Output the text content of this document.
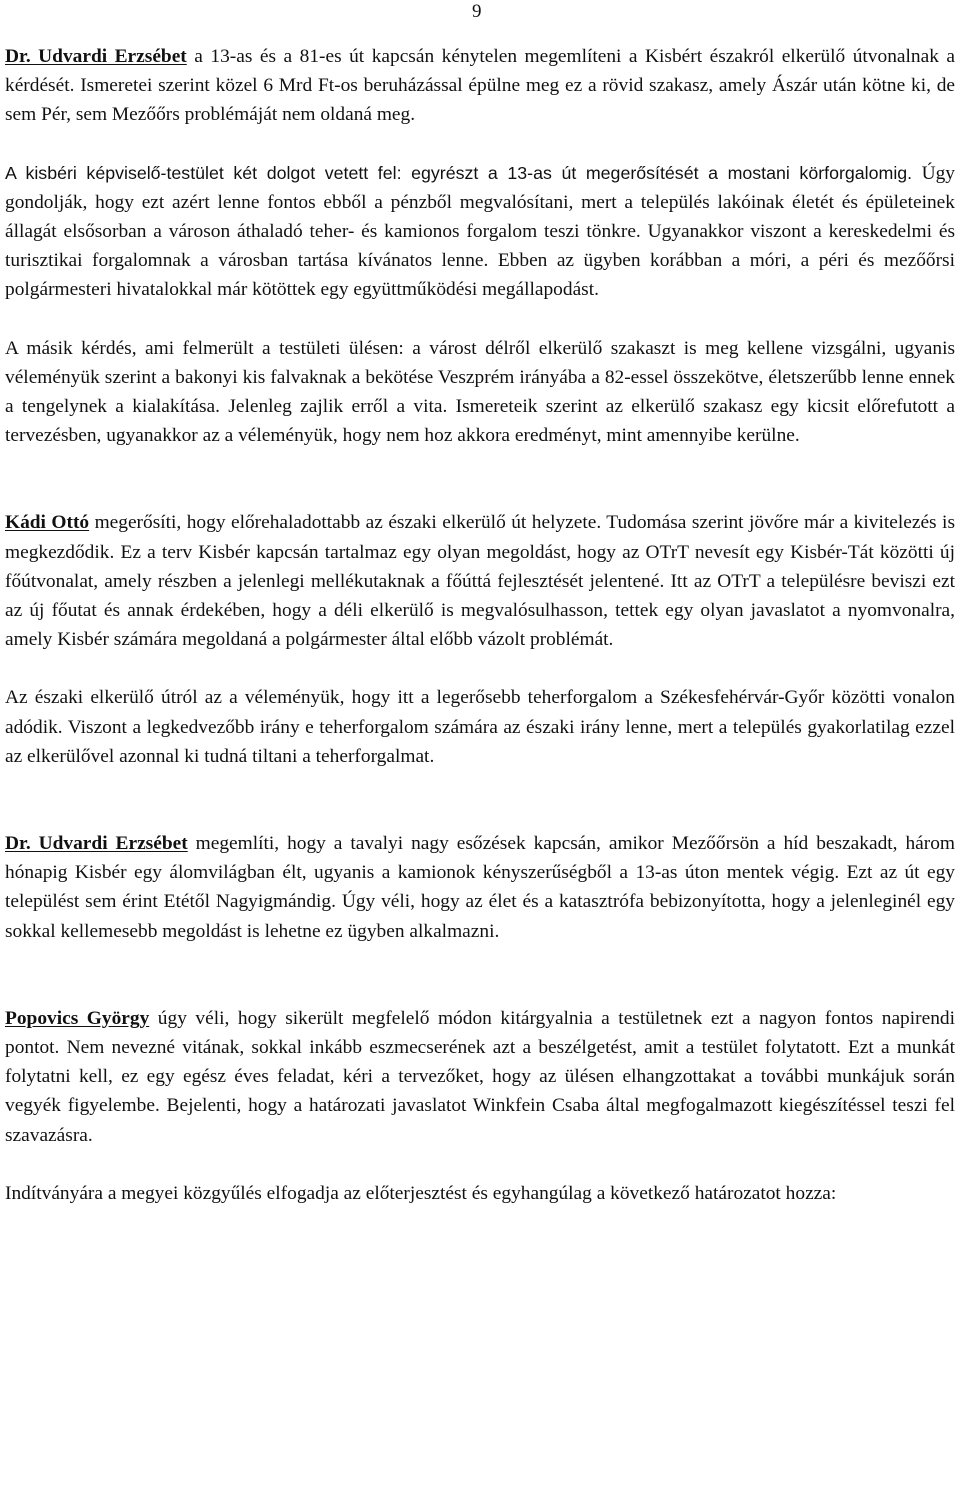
9

Dr. Udvardi Erzsébet a 13-as és a 81-es út kapcsán kénytelen megemlíteni a Kisbért északról elkerülő útvonalnak a kérdését. Ismeretei szerint közel 6 Mrd Ft-os beruházással épülne meg ez a rövid szakasz, amely Ászár után kötne ki, de sem Pér, sem Mezőőrs problémáját nem oldaná meg.

A kisbéri képviselő-testület két dolgot vetett fel: egyrészt a 13-as út megerősítését a mostani körforgalomig. Úgy gondolják, hogy ezt azért lenne fontos ebből a pénzből megvalósítani, mert a település lakóinak életét és épületeinek állagát elsősorban a városon áthaladó teher- és kamionos forgalom teszi tönkre. Ugyanakkor viszont a kereskedelmi és turisztikai forgalomnak a városban tartása kívánatos lenne. Ebben az ügyben korábban a móri, a péri és mezőőrsi polgármesteri hivatalokkal már kötöttek egy együttműködési megállapodást.

A másik kérdés, ami felmerült a testületi ülésen: a várost délről elkerülő szakaszt is meg kellene vizsgálni, ugyanis véleményük szerint a bakonyi kis falvaknak a bekötése Veszprém irányába a 82-essel összekötve, életszerűbb lenne ennek a tengelynek a kialakítása. Jelenleg zajlik erről a vita. Ismereteik szerint az elkerülő szakasz egy kicsit előrefutott a tervezésben, ugyanakkor az a véleményük, hogy nem hoz akkora eredményt, mint amennyibe kerülne.

Kádi Ottó megerősíti, hogy előrehaladottabb az északi elkerülő út helyzete. Tudomása szerint jövőre már a kivitelezés is megkezdődik. Ez a terv Kisbér kapcsán tartalmaz egy olyan megoldást, hogy az OTrT nevesít egy Kisbér-Tát közötti új főútvonalat, amely részben a jelenlegi mellékutaknak a főúttá fejlesztését jelentené. Itt az OTrT a településre beviszi ezt az új főutat és annak érdekében, hogy a déli elkerülő is megvalósulhasson, tettek egy olyan javaslatot a nyomvonalra, amely Kisbér számára megoldaná a polgármester által előbb vázolt problémát.

Az északi elkerülő útról az a véleményük, hogy itt a legerősebb teherforgalom a Székesfehérvár-Győr közötti vonalon adódik. Viszont a legkedvezőbb irány e teherforgalom számára az északi irány lenne, mert a település gyakorlatilag ezzel az elkerülővel azonnal ki tudná tiltani a teherforgalmat.

Dr. Udvardi Erzsébet megemlíti, hogy a tavalyi nagy esőzések kapcsán, amikor Mezőőrsön a híd beszakadt, három hónapig Kisbér egy álomvilágban élt, ugyanis a kamionok kényszerűségből a 13-as úton mentek végig. Ezt az út egy települést sem érint Etétől Nagyigmándig. Úgy véli, hogy az élet és a katasztrófa bebizonyította, hogy a jelenleginél egy sokkal kellemesebb megoldást is lehetne ez ügyben alkalmazni.

Popovics György úgy véli, hogy sikerült megfelelő módon kitárgyalnia a testületnek ezt a nagyon fontos napirendi pontot. Nem nevezné vitának, sokkal inkább eszmecserének azt a beszélgetést, amit a testület folytatott. Ezt a munkát folytatni kell, ez egy egész éves feladat, kéri a tervezőket, hogy az ülésen elhangzottakat a további munkájuk során vegyék figyelembe. Bejelenti, hogy a határozati javaslatot Winkfein Csaba által megfogalmazott kiegészítéssel teszi fel szavazásra.

Indítványára a megyei közgyűlés elfogadja az előterjesztést és egyhangúlag a következő határozatot hozza:
